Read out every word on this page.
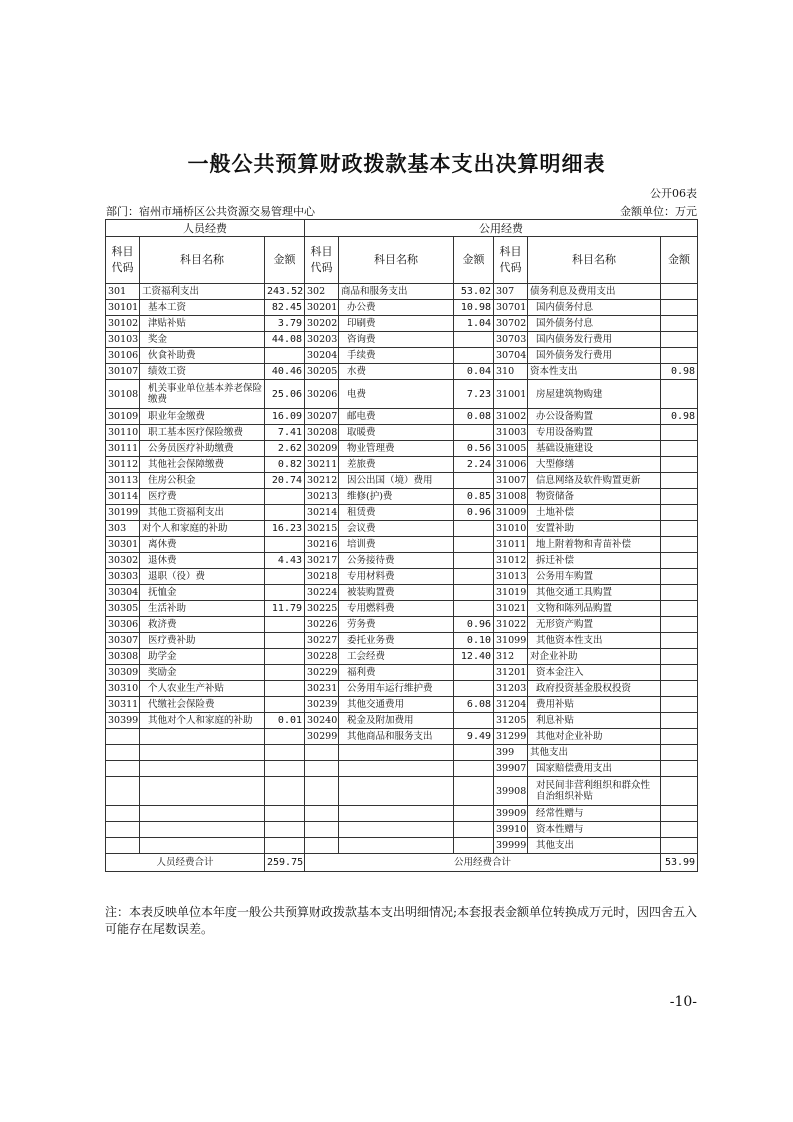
一般公共预算财政拨款基本支出决算明细表
公开06表
部门：宿州市埇桥区公共资源交易管理中心	金额单位：万元
人员经费			公用经费					
科目
代码	科目名称	金额	科目
代码	科目名称	金额	科目
代码	科目名称	金额
301	工资福利支出	243.52	302	商品和服务支出	53.02	307	债务利息及费用支出	
30101	基本工资	82.45	30201	办公费	10.98	30701	国内债务付息	
30102	津贴补贴	3.79	30202	印刷费	1.04	30702	国外债务付息	
30103	奖金	44.08	30203	咨询费		30703	国内债务发行费用	
30106	伙食补助费		30204	手续费		30704	国外债务发行费用	
30107	绩效工资	40.46	30205	水费	0.04	310	资本性支出	0.98
30108	机关事业单位基本养老保险缴费	25.06	30206	电费	7.23	31001	房屋建筑物购建	
30109	职业年金缴费	16.09	30207	邮电费	0.08	31002	办公设备购置	0.98
30110	职工基本医疗保险缴费	7.41	30208	取暖费		31003	专用设备购置	
30111	公务员医疗补助缴费	2.62	30209	物业管理费	0.56	31005	基础设施建设	
30112	其他社会保障缴费	0.82	30211	差旅费	2.24	31006	大型修缮	
30113	住房公积金	20.74	30212	因公出国（境）费用		31007	信息网络及软件购置更新	
30114	医疗费		30213	维修(护)费	0.85	31008	物资储备	
30199	其他工资福利支出		30214	租赁费	0.96	31009	土地补偿	
303	对个人和家庭的补助	16.23	30215	会议费		31010	安置补助	
30301	离休费		30216	培训费		31011	地上附着物和青苗补偿	
30302	退休费	4.43	30217	公务接待费		31012	拆迁补偿	
30303	退职（役）费		30218	专用材料费		31013	公务用车购置	
30304	抚恤金		30224	被装购置费		31019	其他交通工具购置	
30305	生活补助	11.79	30225	专用燃料费		31021	文物和陈列品购置	
30306	救济费		30226	劳务费	0.96	31022	无形资产购置	
30307	医疗费补助		30227	委托业务费	0.10	31099	其他资本性支出	
30308	助学金		30228	工会经费	12.40	312	对企业补助	
30309	奖励金		30229	福利费		31201	资本金注入	
30310	个人农业生产补贴		30231	公务用车运行维护费		31203	政府投资基金股权投资	
30311	代缴社会保险费		30239	其他交通费用	6.08	31204	费用补贴	
30399	其他对个人和家庭的补助	0.01	30240	税金及附加费用		31205	利息补贴	
			30299	其他商品和服务支出	9.49	31299	其他对企业补助	
						399	其他支出	
						39907	国家赔偿费用支出	
						39908	对民间非营利组织和群众性自治组织补贴	
						39909	经常性赠与	
						39910	资本性赠与	
						39999	其他支出	
人员经费合计		259.75	公用经费合计					53.99
注：本表反映单位本年度一般公共预算财政拨款基本支出明细情况;本套报表金额单位转换成万元时，因四舍五入可能存在尾数误差。
-10-
